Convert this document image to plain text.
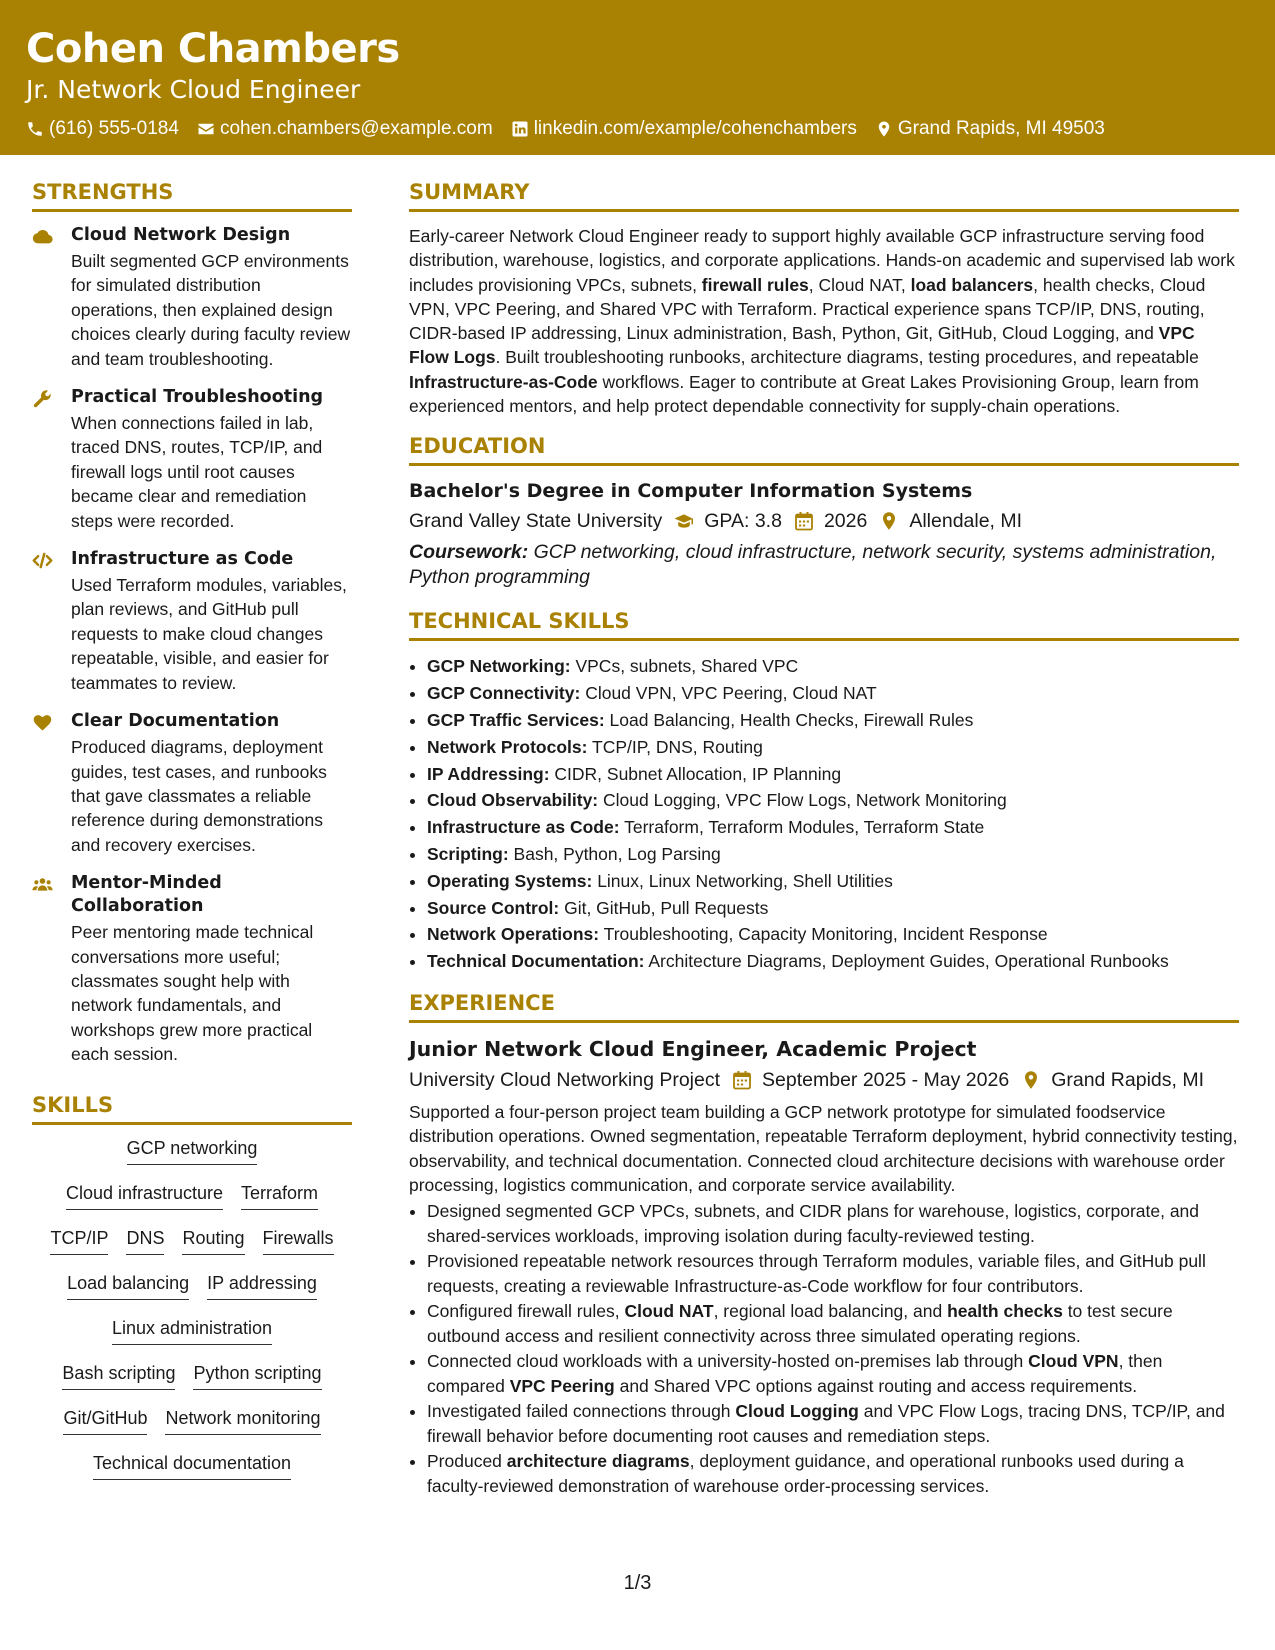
Cohen Chambers
Jr. Network Cloud Engineer
(616) 555-0184 cohen.chambers@example.com linkedin.com/example/cohenchambers Grand Rapids, MI 49503
STRENGTHS
Cloud Network Design
Built segmented GCP environments for simulated distribution operations, then explained design choices clearly during faculty review and team troubleshooting.
Practical Troubleshooting
When connections failed in lab, traced DNS, routes, TCP/IP, and firewall logs until root causes became clear and remediation steps were recorded.
Infrastructure as Code
Used Terraform modules, variables, plan reviews, and GitHub pull requests to make cloud changes repeatable, visible, and easier for teammates to review.
Clear Documentation
Produced diagrams, deployment guides, test cases, and runbooks that gave classmates a reliable reference during demonstrations and recovery exercises.
Mentor-Minded Collaboration
Peer mentoring made technical conversations more useful; classmates sought help with network fundamentals, and workshops grew more practical each session.
SKILLS
GCP networking
Cloud infrastructure Terraform
TCP/IP DNS Routing Firewalls
Load balancing IP addressing
Linux administration
Bash scripting Python scripting
Git/GitHub Network monitoring
Technical documentation
SUMMARY

Early-career Network Cloud Engineer ready to support highly available GCP infrastructure serving food distribution, warehouse, logistics, and corporate applications. Hands-on academic and supervised lab work includes provisioning VPCs, subnets, firewall rules, Cloud NAT, load balancers, health checks, Cloud VPN, VPC Peering, and Shared VPC with Terraform. Practical experience spans TCP/IP, DNS, routing, CIDR-based IP addressing, Linux administration, Bash, Python, Git, GitHub, Cloud Logging, and VPC Flow Logs. Built troubleshooting runbooks, architecture diagrams, testing procedures, and repeatable Infrastructure-as-Code workflows. Eager to contribute at Great Lakes Provisioning Group, learn from experienced mentors, and help protect dependable connectivity for supply-chain operations.

EDUCATION
Bachelor's Degree in Computer Information Systems
Grand Valley State University GPA: 3.8 2026 Allendale, MI
Coursework: GCP networking, cloud infrastructure, network security, systems administration, Python programming
TECHNICAL SKILLS
• GCP Networking: VPCs, subnets, Shared VPC
• GCP Connectivity: Cloud VPN, VPC Peering, Cloud NAT
• GCP Traffic Services: Load Balancing, Health Checks, Firewall Rules
• Network Protocols: TCP/IP, DNS, Routing
• IP Addressing: CIDR, Subnet Allocation, IP Planning
• Cloud Observability: Cloud Logging, VPC Flow Logs, Network Monitoring
• Infrastructure as Code: Terraform, Terraform Modules, Terraform State
• Scripting: Bash, Python, Log Parsing
• Operating Systems: Linux, Linux Networking, Shell Utilities
• Source Control: Git, GitHub, Pull Requests
• Network Operations: Troubleshooting, Capacity Monitoring, Incident Response
• Technical Documentation: Architecture Diagrams, Deployment Guides, Operational Runbooks
EXPERIENCE
Junior Network Cloud Engineer, Academic Project
University Cloud Networking Project September 2025 - May 2026 Grand Rapids, MI

Supported a four-person project team building a GCP network prototype for simulated foodservice distribution operations. Owned segmentation, repeatable Terraform deployment, hybrid connectivity testing, observability, and technical documentation. Connected cloud architecture decisions with warehouse order processing, logistics communication, and corporate service availability.

• Designed segmented GCP VPCs, subnets, and CIDR plans for warehouse, logistics, corporate, and shared-services workloads, improving isolation during faculty-reviewed testing.
• Provisioned repeatable network resources through Terraform modules, variable files, and GitHub pull requests, creating a reviewable Infrastructure-as-Code workflow for four contributors.
• Configured firewall rules, Cloud NAT, regional load balancing, and health checks to test secure outbound access and resilient connectivity across three simulated operating regions.
• Connected cloud workloads with a university-hosted on-premises lab through Cloud VPN, then compared VPC Peering and Shared VPC options against routing and access requirements.
• Investigated failed connections through Cloud Logging and VPC Flow Logs, tracing DNS, TCP/IP, and firewall behavior before documenting root causes and remediation steps.
• Produced architecture diagrams, deployment guidance, and operational runbooks used during a faculty-reviewed demonstration of warehouse order-processing services.
1/3
